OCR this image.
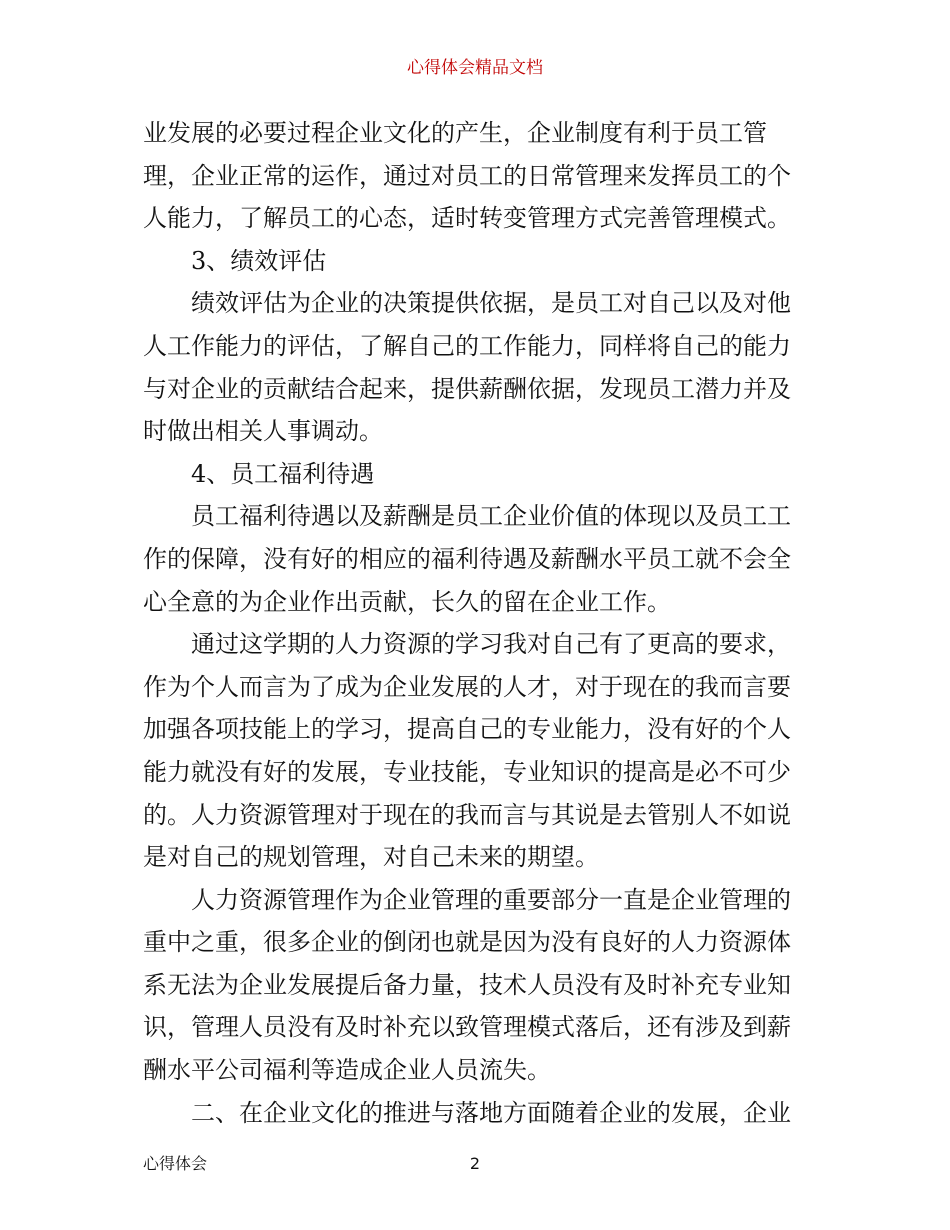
心得体会精品文档
业发展的必要过程企业文化的产生，企业制度有利于员工管
理，企业正常的运作，通过对员工的日常管理来发挥员工的个
人能力，了解员工的心态，适时转变管理方式完善管理模式。
3、绩效评估
绩效评估为企业的决策提供依据，是员工对自己以及对他
人工作能力的评估，了解自己的工作能力，同样将自己的能力
与对企业的贡献结合起来，提供薪酬依据，发现员工潜力并及
时做出相关人事调动。
4、员工福利待遇
员工福利待遇以及薪酬是员工企业价值的体现以及员工工
作的保障，没有好的相应的福利待遇及薪酬水平员工就不会全
心全意的为企业作出贡献，长久的留在企业工作。
通过这学期的人力资源的学习我对自己有了更高的要求，
作为个人而言为了成为企业发展的人才，对于现在的我而言要
加强各项技能上的学习，提高自己的专业能力，没有好的个人
能力就没有好的发展，专业技能，专业知识的提高是必不可少
的。人力资源管理对于现在的我而言与其说是去管别人不如说
是对自己的规划管理，对自己未来的期望。
人力资源管理作为企业管理的重要部分一直是企业管理的
重中之重，很多企业的倒闭也就是因为没有良好的人力资源体
系无法为企业发展提后备力量，技术人员没有及时补充专业知
识，管理人员没有及时补充以致管理模式落后，还有涉及到薪
酬水平公司福利等造成企业人员流失。
二、在企业文化的推进与落地方面随着企业的发展，企业
心得体会	2
